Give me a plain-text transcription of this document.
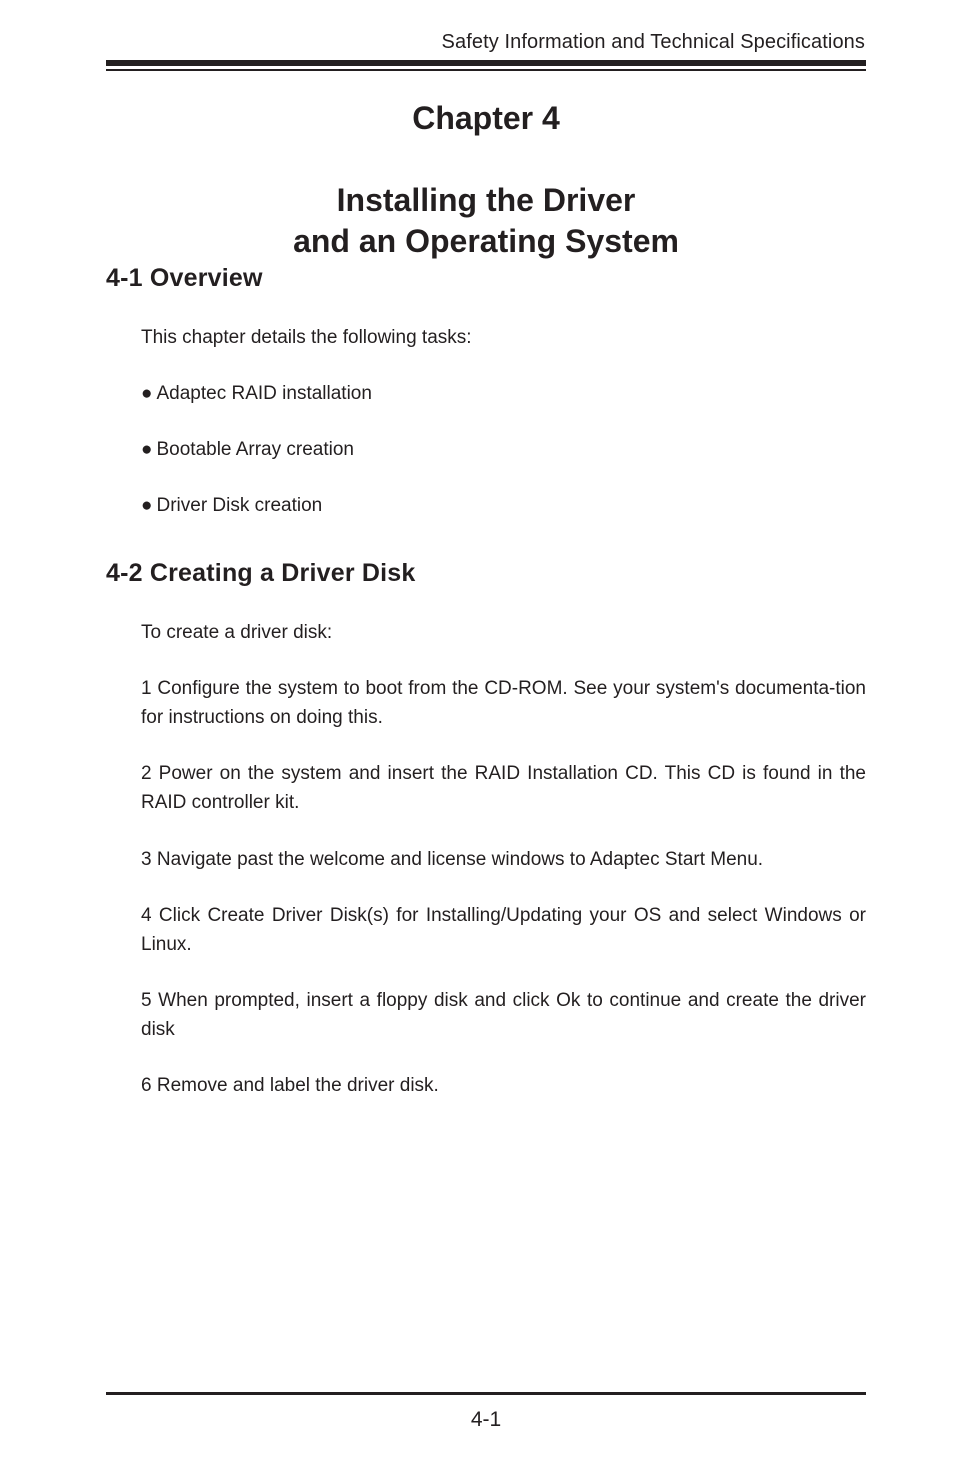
Safety Information and Technical Specifications
Chapter 4
Installing the Driver
and an Operating System
4-1 Overview

This chapter details the following tasks:

● Adaptec RAID installation

● Bootable Array creation

● Driver Disk creation

4-2 Creating a Driver Disk

To create a driver disk:

1 Configure the system to boot from the CD-ROM. See your system's documenta-tion for instructions on doing this.

2 Power on the system and insert the RAID Installation CD. This CD is found in the RAID controller kit.

3 Navigate past the welcome and license windows to Adaptec Start Menu.

4 Click Create Driver Disk(s) for Installing/Updating your OS and select Windows or Linux.

5 When prompted, insert a floppy disk and click Ok to continue and create the driver disk

6 Remove and label the driver disk.

4-1
